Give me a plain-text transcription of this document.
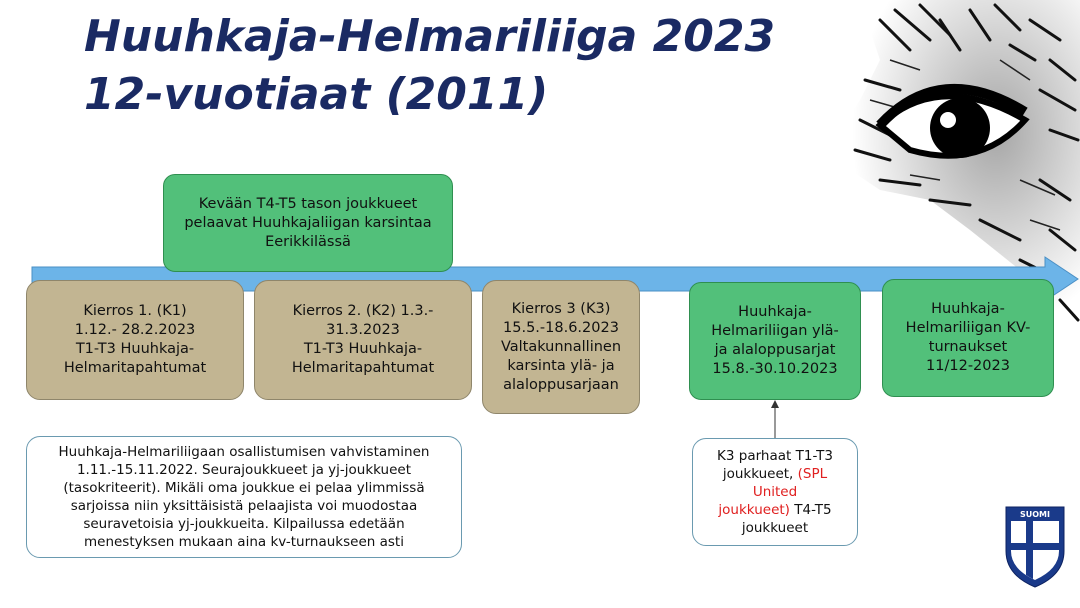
Huuhkaja-Helmariliiga 2023
12-vuotiaat (2011)
Kevään T4-T5 tason joukkueet
pelaavat Huuhkajaliigan karsintaa
Eerikkilässä
Kierros 1. (K1)
1.12.- 28.2.2023
T1-T3 Huuhkaja-
Helmaritapahtumat
Kierros 2. (K2) 1.3.-
31.3.2023
T1-T3 Huuhkaja-
Helmaritapahtumat
Kierros 3 (K3)
15.5.-18.6.2023
Valtakunnallinen
karsinta ylä- ja
alaloppusarjaan
Huuhkaja-
Helmariliigan ylä-
ja alaloppusarjat
15.8.-30.10.2023
Huuhkaja-
Helmariliigan KV-
turnaukset
11/12-2023
Huuhkaja-Helmariliigaan osallistumisen vahvistaminen
1.11.-15.11.2022. Seurajoukkueet ja yj-joukkueet
(tasokriteerit). Mikäli oma joukkue ei pelaa ylimmissä
sarjoissa niin yksittäisistä pelaajista voi muodostaa
seuravetoisia yj-joukkueita. Kilpailussa edetään
menestyksen mukaan aina kv-turnaukseen asti
K3 parhaat T1-T3
joukkueet, (SPL
United
joukkueet) T4-T5
joukkueet
SUOMI
